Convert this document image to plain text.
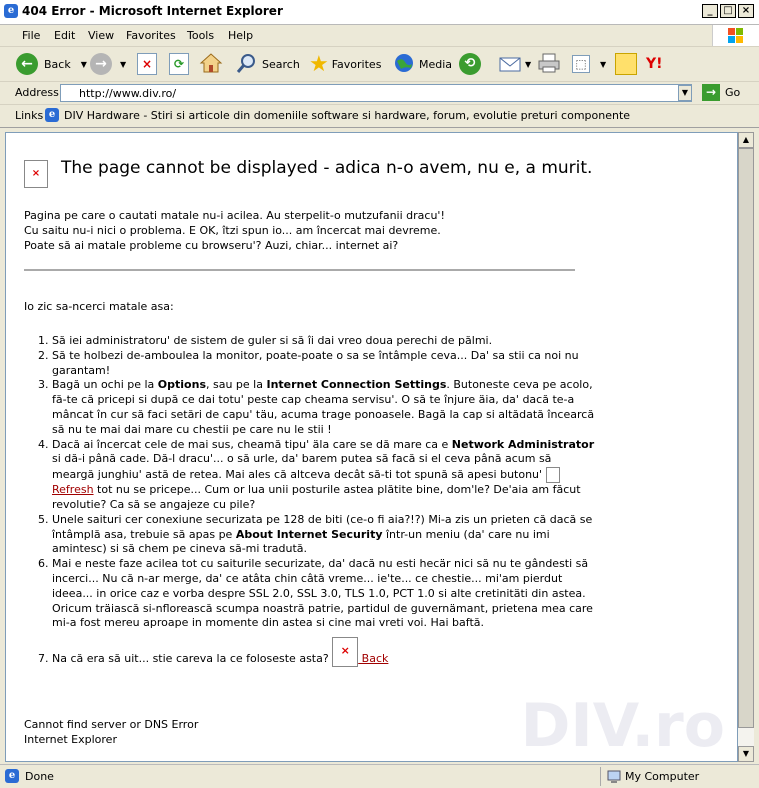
e 404 Error - Microsoft Internet Explorer	_	□ ×
File Edit View Favorites Tools Help
←	Back ▼ →	▼	×	⟳	Search ★ Favorites	Media ⟲	▼	⬚	▼	Y!
Address http://www.div.ro/	▼	→ Go
Links e DIV Hardware - Stiri si articole din domeniile software si hardware, forum, evolutie preturi componente
×	The page cannot be displayed - adica n-o avem, nu e, a murit.
Pagina pe care o cautati matale nu-i acilea. Au sterpelit-o mutzufanii dracu'!
Cu saitu nu-i nici o problema. E OK, îtzi spun io... am încercat mai devreme.
Poate să ai matale probleme cu browseru'? Auzi, chiar... internet ai?
Io zic sa-ncerci matale asa:
1. Să iei administratoru' de sistem de guler si să îi dai vreo doua perechi de pălmi.
2. Să te holbezi de-amboulea la monitor, poate-poate o sa se întâmple ceva... Da' sa stii ca noi nu garantam!
3. Bagă un ochi pe la Options, sau pe la Internet Connection Settings. Butoneste ceva pe acolo, fă-te că pricepi si după ce dai totu' peste cap cheama servisu'. O să te înjure äia, da' dacă te-a mâncat în cur să faci setări de capu' täu, acuma trage ponoasele. Bagă la cap si altădată încearcă să nu te mai dai mare cu chestii pe care nu le stii !
4. Dacă ai încercat cele de mai sus, cheamă tipu' äla care se dă mare ca e Network Administrator si dă-i până cade. Dă-l dracu'... o să urle, da' barem putea să facă si el ceva până acum să meargă junghiu' astă de retea. Mai ales că altceva decât să-ti tot spună să apesi butonu' Refresh tot nu se pricepe... Cum or lua unii posturile astea plătite bine, dom'le? De'aia am făcut revolutie? Ca să se angajeze cu pile?
5. Unele saituri cer conexiune securizata pe 128 de biti (ce-o fi aia?!?) Mi-a zis un prieten că dacă se întâmplă asa, trebuie să apas pe About Internet Security într-un meniu (da' care nu imi amintesc) si să chem pe cineva să-mi tradută.
6. Mai e neste faze acilea tot cu saiturile securizate, da' dacă nu esti hecär nici să nu te gândesti să incerci... Nu că n-ar merge, da' ce atâta chin câtă vreme... ie'te... ce chestie... mi'am pierdut ideea... in orice caz e vorba despre SSL 2.0, SSL 3.0, TLS 1.0, PCT 1.0 si alte cretinitäti din astea. Oricum träiască si-nflorească scumpa noastră patrie, partidul de guvernämant, prietena mea care mi-a fost mereu aproape in momente din astea si cine mai vreti voi. Hai baftă.
7. Na că era să uit... stie careva la ce foloseste asta? × Back
Cannot find server or DNS Error
Internet Explorer	DIV.ro
▲
▼
e Done	My Computer
